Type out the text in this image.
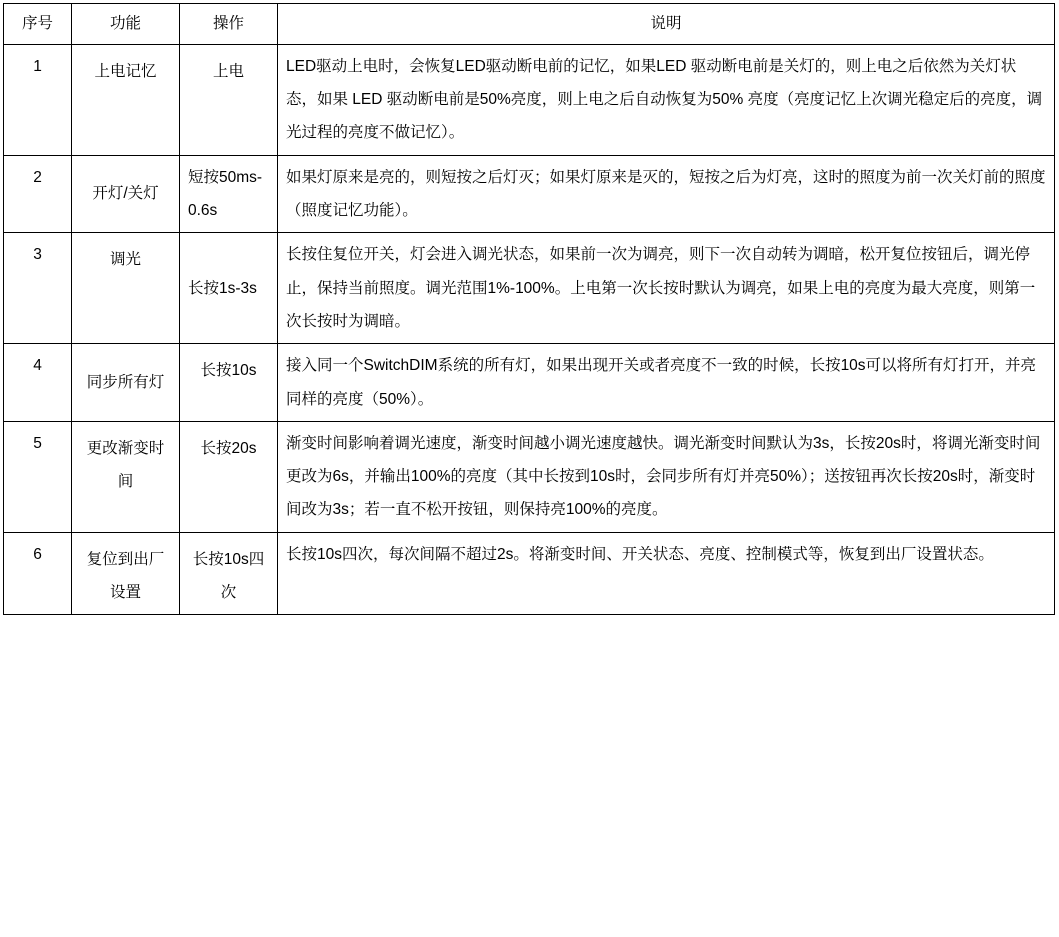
序号	功能	操作	说明
1	上电记忆	上电	LED驱动上电时，会恢复LED驱动断电前的记忆，如果LED 驱动断电前是关灯的，则上电之后依然为关灯状态，如果 LED 驱动断电前是50%亮度，则上电之后自动恢复为50% 亮度（亮度记忆上次调光稳定后的亮度，调光过程的亮度不做记忆）。
2	开灯/关灯	短按50ms-0.6s	如果灯原来是亮的，则短按之后灯灭；如果灯原来是灭的，短按之后为灯亮，这时的照度为前一次关灯前的照度（照度记忆功能）。
3	调光	长按1s-3s	长按住复位开关，灯会进入调光状态，如果前一次为调亮，则下一次自动转为调暗，松开复位按钮后，调光停止，保持当前照度。调光范围1%-100%。上电第一次长按时默认为调亮，如果上电的亮度为最大亮度，则第一次长按时为调暗。
4	同步所有灯	长按10s	接入同一个SwitchDIM系统的所有灯，如果出现开关或者亮度不一致的时候，长按10s可以将所有灯打开，并亮同样的亮度（50%）。
5	更改渐变时间	长按20s	渐变时间影响着调光速度，渐变时间越小调光速度越快。调光渐变时间默认为3s，长按20s时，将调光渐变时间更改为6s，并输出100%的亮度（其中长按到10s时，会同步所有灯并亮50%）；送按钮再次长按20s时，渐变时间改为3s；若一直不松开按钮，则保持亮100%的亮度。
6	复位到出厂设置	长按10s四次	长按10s四次，每次间隔不超过2s。将渐变时间、开关状态、亮度、控制模式等，恢复到出厂设置状态。
